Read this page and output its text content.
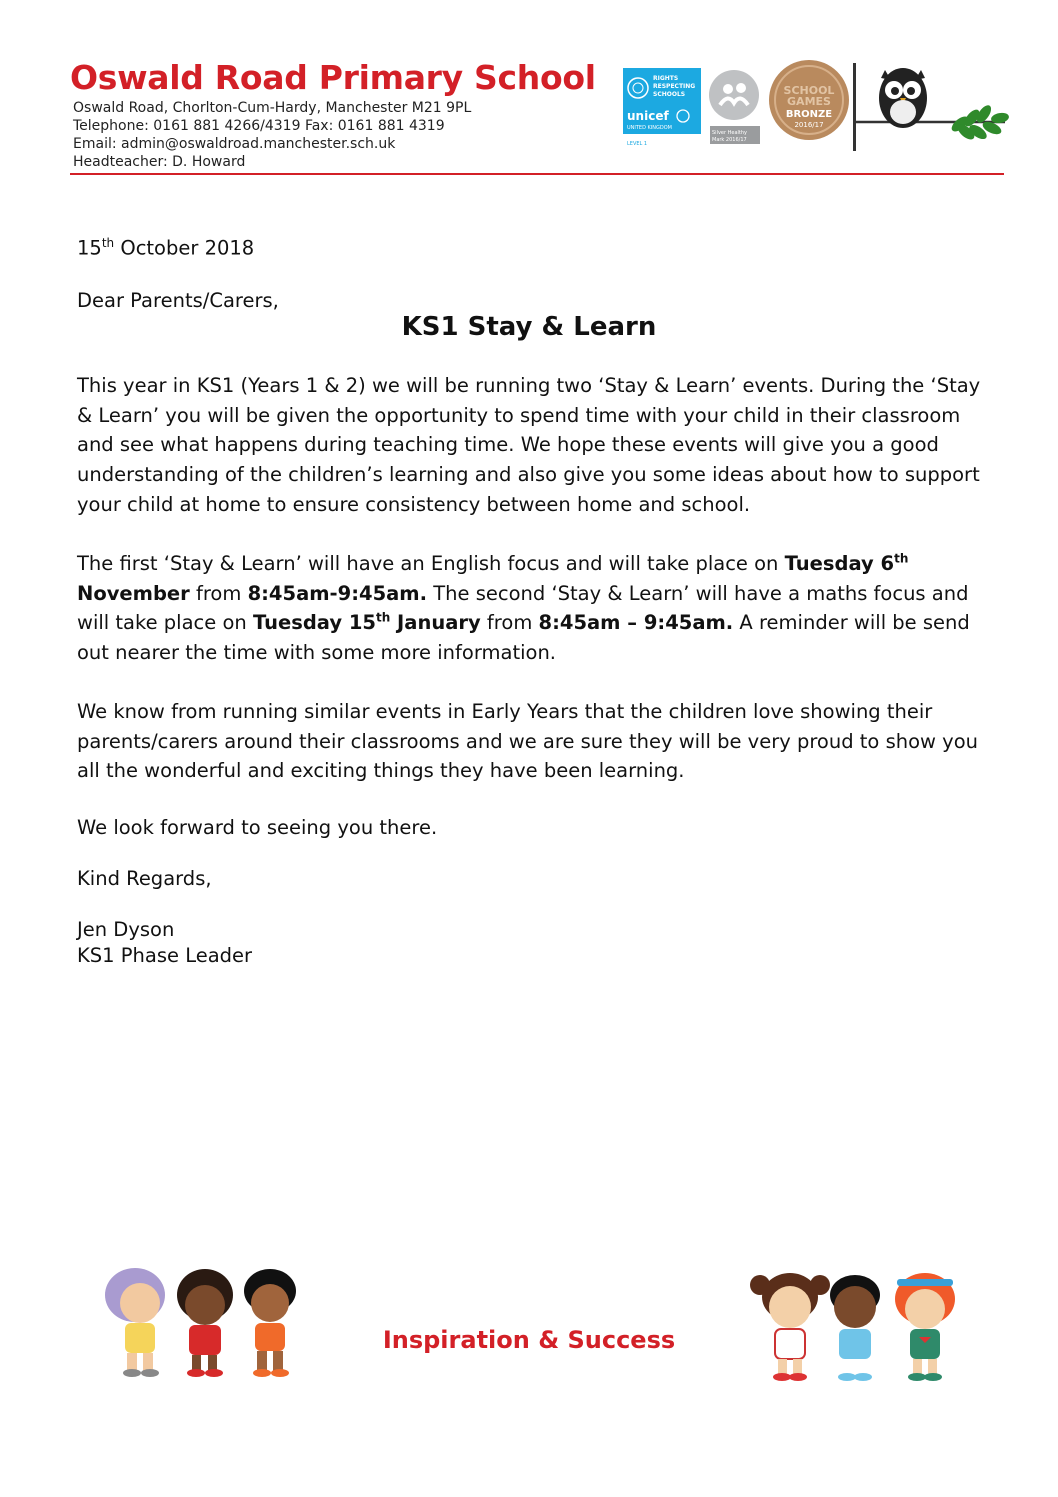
Oswald Road Primary School
Oswald Road, Chorlton-Cum-Hardy, Manchester M21 9PL
Telephone: 0161 881 4266/4319 Fax: 0161 881 4319
Email: admin@oswaldroad.manchester.sch.uk
Headteacher: D. Howard
RIGHTS
RESPECTING
SCHOOLS
unicef
UNITED KINGDOM
LEVEL 1
Silver Healthy
Mark 2016/17
SCHOOL
GAMES
BRONZE
2016/17
15th October 2018
Dear Parents/Carers,
KS1 Stay & Learn
This year in KS1 (Years 1 & 2) we will be running two ‘Stay & Learn’ events. During the ‘Stay & Learn’ you will be given the opportunity to spend time with your child in their classroom and see what happens during teaching time. We hope these events will give you a good understanding of the children’s learning and also give you some ideas about how to support your child at home to ensure consistency between home and school.
The first ‘Stay & Learn’ will have an English focus and will take place on Tuesday 6th November from 8:45am-9:45am. The second ‘Stay & Learn’ will have a maths focus and will take place on Tuesday 15th January from 8:45am – 9:45am. A reminder will be send out nearer the time with some more information.
We know from running similar events in Early Years that the children love showing their parents/carers around their classrooms and we are sure they will be very proud to show you all the wonderful and exciting things they have been learning.
We look forward to seeing you there.
Kind Regards,
Jen Dyson
KS1 Phase Leader
Inspiration & Success
